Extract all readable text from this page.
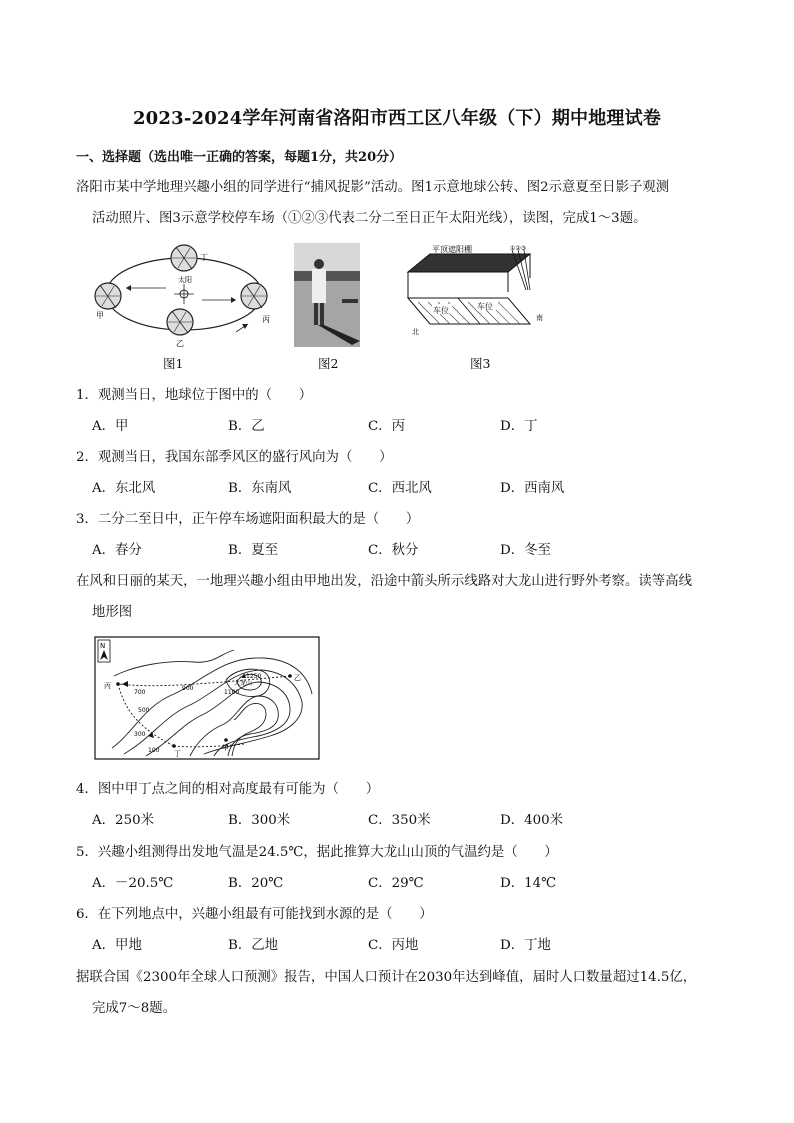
2023-2024学年河南省洛阳市西工区八年级（下）期中地理试卷
一、选择题（选出唯一正确的答案，每题1分，共20分）
洛阳市某中学地理兴趣小组的同学进行“捕风捉影”活动。图1示意地球公转、图2示意夏至日影子观测
活动照片、图3示意学校停车场（①②③代表二分二至日正午太阳光线），读图，完成1～3题。
太阳
甲
丁
乙
丙
图1	图2
平顶遮阳棚
车位	车位
①②③
北
南
图3
1．观测当日，地球位于图中的（　　）
A．甲	B．乙	C．丙	D．丁
2．观测当日，我国东部季风区的盛行风向为（　　）
A．东北风	B．东南风	C．西北风	D．西南风
3．二分二至日中，正午停车场遮阳面积最大的是（　　）
A．春分	B．夏至	C．秋分	D．冬至
在风和日丽的某天，一地理兴趣小组由甲地出发，沿途中箭头所示线路对大龙山进行野外考察。读等高线
地形图
N
1250
大龙山
700
900
500
300
100
1100
乙
丙
丁
甲
4．图中甲丁点之间的相对高度最有可能为（　　）
A．250米	B．300米	C．350米	D．400米
5．兴趣小组测得出发地气温是24.5℃，据此推算大龙山山顶的气温约是（　　）
A．－20.5℃	B．20℃	C．29℃	D．14℃
6．在下列地点中，兴趣小组最有可能找到水源的是（　　）
A．甲地	B．乙地	C．丙地	D．丁地
据联合国《2300年全球人口预测》报告，中国人口预计在2030年达到峰值，届时人口数量超过14.5亿，
完成7～8题。
